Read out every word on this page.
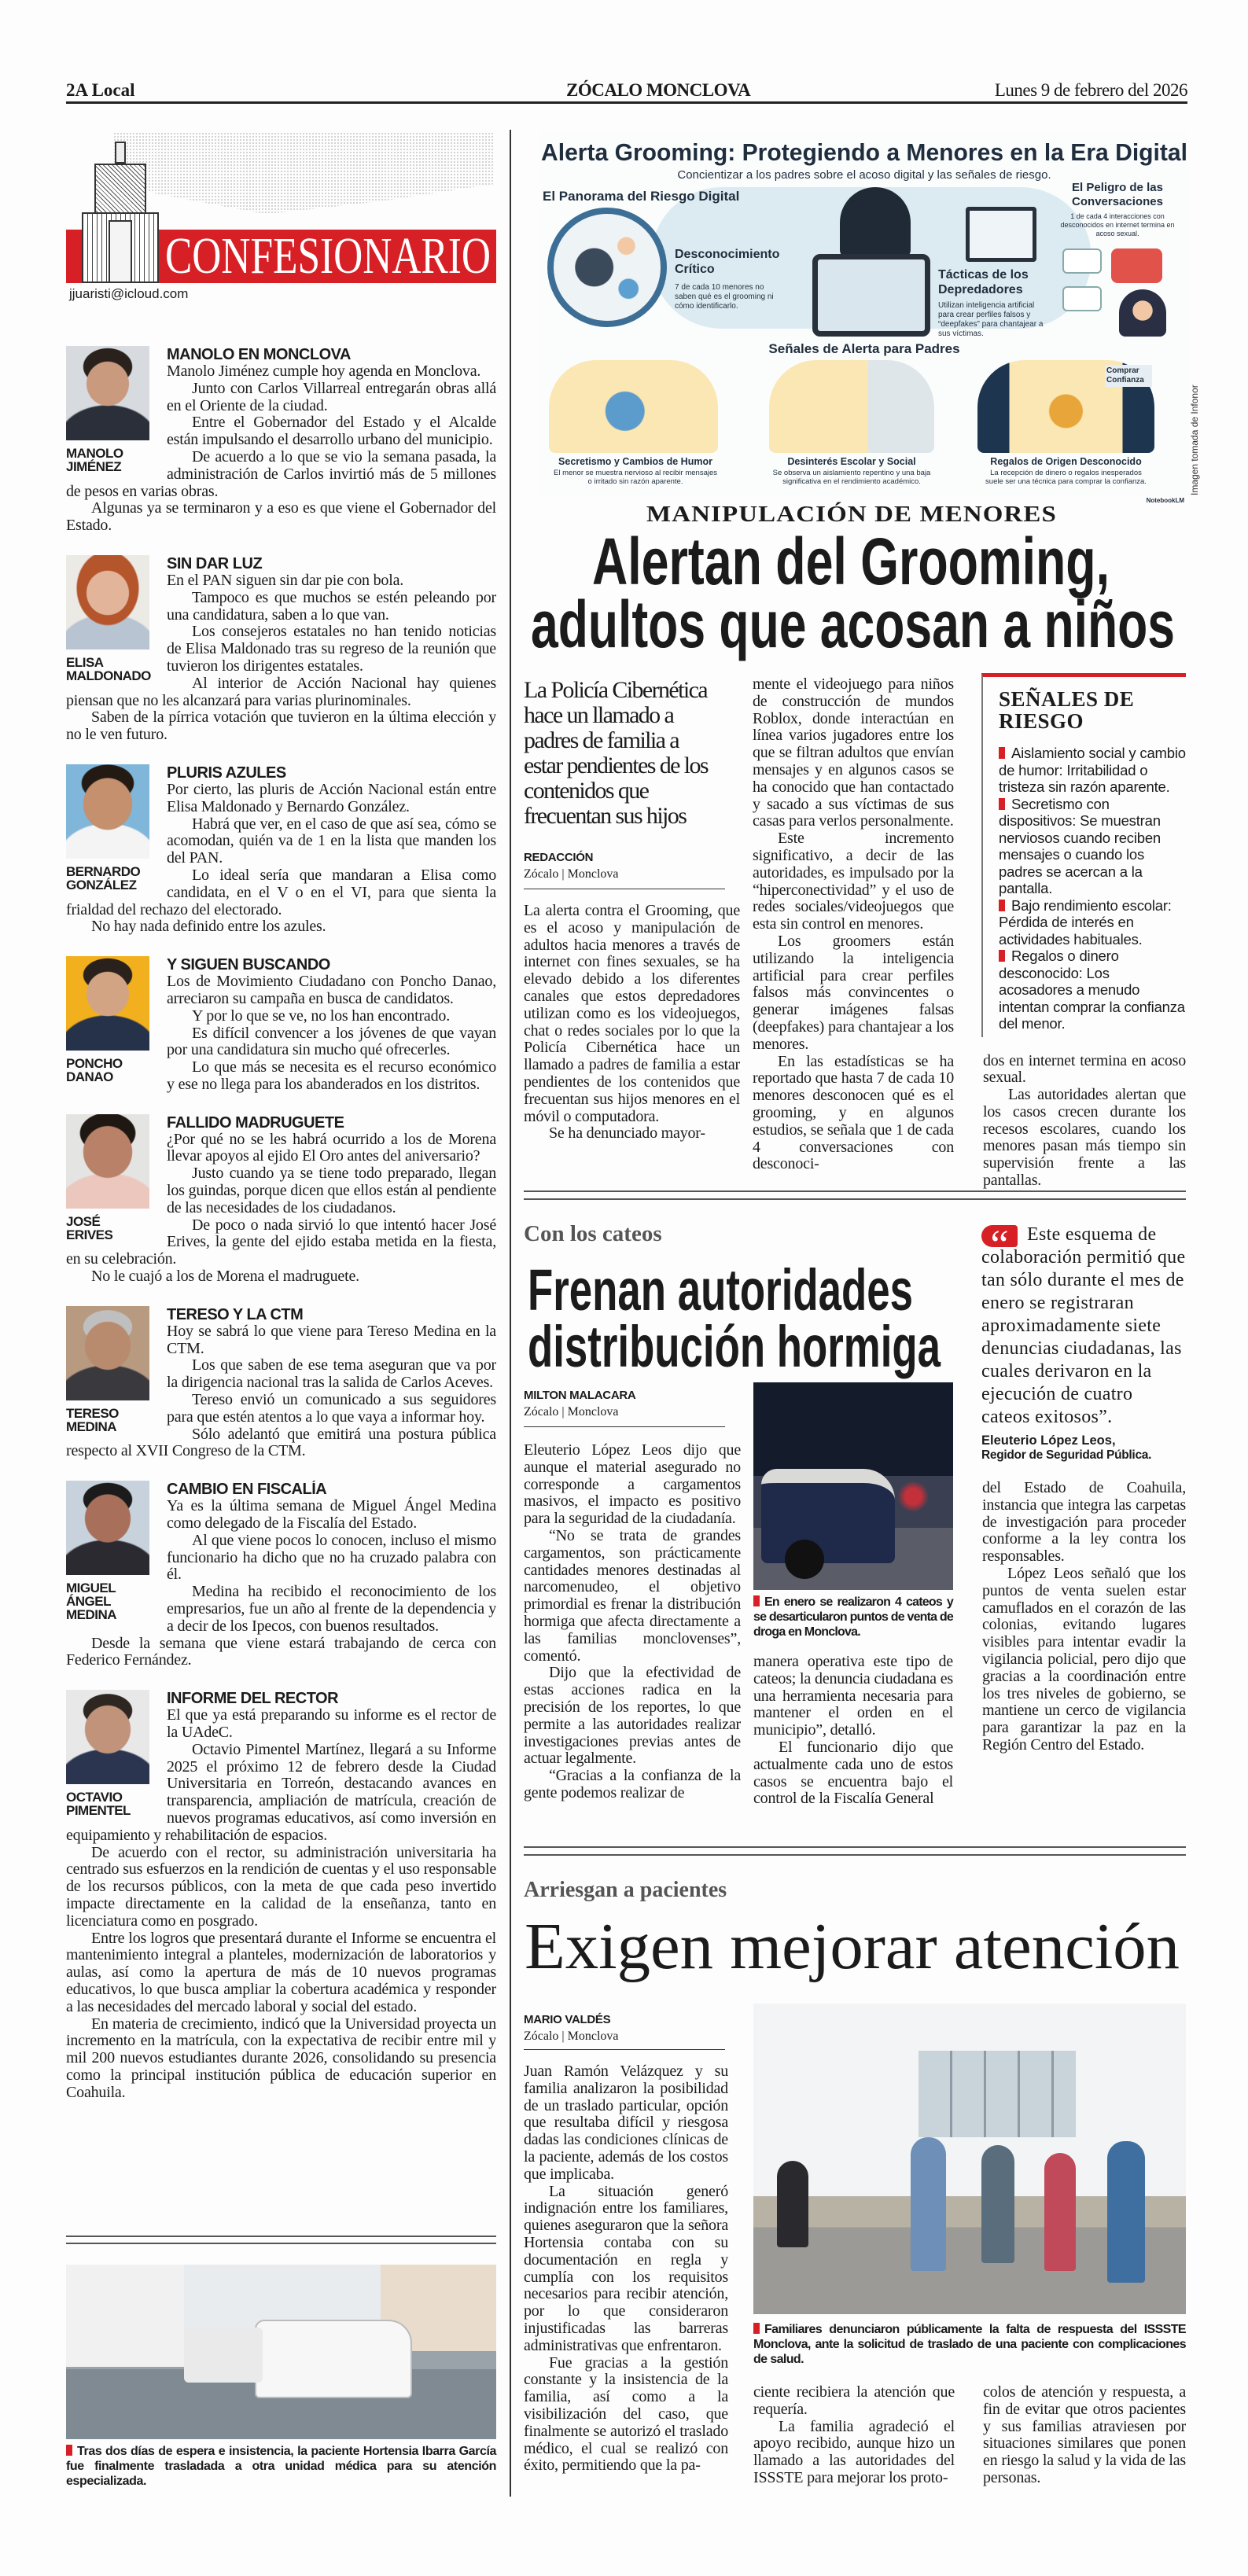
2A Local	ZÓCALO MONCLOVA	Lunes 9 de febrero del 2026
CONFESIONARIO
jjuaristi@icloud.com
MANOLO JIMÉNEZ
MANOLO EN MONCLOVA

Manolo Jiménez cumple hoy agenda en Monclova.

Junto con Carlos Villarreal entregarán obras allá en el Oriente de la ciudad.

Entre el Gobernador del Estado y el Alcalde están impulsando el desarrollo urbano del municipio.

De acuerdo a lo que se vio la semana pasada, la administración de Carlos invirtió más de 5 millones de pesos en varias obras.

Algunas ya se terminaron y a eso es que viene el Gobernador del Estado.

ELISA MALDONADO
SIN DAR LUZ

En el PAN siguen sin dar pie con bola.

Tampoco es que muchos se estén peleando por una candidatura, saben a lo que van.

Los consejeros estatales no han tenido noticias de Elisa Maldonado tras su regreso de la reunión que tuvieron los dirigentes estatales.

Al interior de Acción Nacional hay quienes piensan que no les alcanzará para varias plurinominales.

Saben de la pírrica votación que tuvieron en la última elección y no le ven futuro.

BERNARDO GONZÁLEZ
PLURIS AZULES

Por cierto, las pluris de Acción Nacional están entre Elisa Maldonado y Bernardo González.

Habrá que ver, en el caso de que así sea, cómo se acomodan, quién va de 1 en la lista que manden los del PAN.

Lo ideal sería que mandaran a Elisa como candidata, en el V o en el VI, para que sienta la frialdad del rechazo del electorado.

No hay nada definido entre los azules.

PONCHO DANAO
Y SIGUEN BUSCANDO

Los de Movimiento Ciudadano con Poncho Danao, arreciaron su campaña en busca de candidatos.

Y por lo que se ve, no los han encontrado.

Es difícil convencer a los jóvenes de que vayan por una candidatura sin mucho qué ofrecerles.

Lo que más se necesita es el recurso económico y ese no llega para los abanderados en los distritos.

JOSÉ ERIVES
FALLIDO MADRUGUETE

¿Por qué no se les habrá ocurrido a los de Morena llevar apoyos al ejido El Oro antes del aniversario?

Justo cuando ya se tiene todo preparado, llegan los guindas, porque dicen que ellos están al pendiente de las necesidades de los ciudadanos.

De poco o nada sirvió lo que intentó hacer José Erives, la gente del ejido estaba metida en la fiesta, en su celebración.

No le cuajó a los de Morena el madruguete.

TERESO MEDINA
TERESO Y LA CTM

Hoy se sabrá lo que viene para Tereso Medina en la CTM.

Los que saben de ese tema aseguran que va por la dirigencia nacional tras la salida de Carlos Aceves.

Tereso envió un comunicado a sus seguidores para que estén atentos a lo que vaya a informar hoy.

Sólo adelantó que emitirá una postura pública respecto al XVII Congreso de la CTM.

MIGUEL ÁNGEL MEDINA
CAMBIO EN FISCALÍA

Ya es la última semana de Miguel Ángel Medina como delegado de la Fiscalía del Estado.

Al que viene pocos lo conocen, incluso el mismo funcionario ha dicho que no ha cruzado palabra con él.

Medina ha recibido el reconocimiento de los empresarios, fue un año al frente de la dependencia y a decir de los Ipecos, con buenos resultados.

Desde la semana que viene estará trabajando de cerca con Federico Fernández.

OCTAVIO PIMENTEL
INFORME DEL RECTOR

El que ya está preparando su informe es el rector de la UAdeC.

Octavio Pimentel Martínez, llegará a su Informe 2025 el próximo 12 de febrero desde la Ciudad Universitaria en Torreón, destacando avances en transparencia, ampliación de matrícula, creación de nuevos programas educativos, así como inversión en equipamiento y rehabilitación de espacios.

De acuerdo con el rector, su administración universitaria ha centrado sus esfuerzos en la rendición de cuentas y el uso responsable de los recursos públicos, con la meta de que cada peso invertido impacte directamente en la calidad de la enseñanza, tanto en licenciatura como en posgrado.

Entre los logros que presentará durante el Informe se encuentra el mantenimiento integral a planteles, modernización de laboratorios y aulas, así como la apertura de más de 10 nuevos programas educativos, lo que busca ampliar la cobertura académica y responder a las necesidades del mercado laboral y social del estado.

En materia de crecimiento, indicó que la Universidad proyecta un incremento en la matrícula, con la expectativa de recibir entre mil y mil 200 nuevos estudiantes durante 2026, consolidando su presencia como la principal institución pública de educación superior en Coahuila.

Tras dos días de espera e insistencia, la paciente Hortensia Ibarra García fue finalmente trasladada a otra unidad médica para su atención especializada.
Alerta Grooming: Protegiendo a Menores en la Era Digital
Concientizar a los padres sobre el acoso digital y las señales de riesgo.
El Panorama del Riesgo Digital
Desconocimiento Crítico
7 de cada 10 menores no saben qué es el grooming ni cómo identificarlo.
Tácticas de los Depredadores
Utilizan inteligencia artificial para crear perfiles falsos y “deepfakes” para chantajear a sus víctimas.
El Peligro de las Conversaciones
1 de cada 4 interacciones con desconocidos en internet termina en acoso sexual.
Señales de Alerta para Padres
Comprar Confianza
Secretismo y Cambios de Humor
El menor se muestra nervioso al recibir mensajes o irritado sin razón aparente.
Desinterés Escolar y Social
Se observa un aislamiento repentino y una baja significativa en el rendimiento académico.
Regalos de Origen Desconocido
La recepción de dinero o regalos inesperados suele ser una técnica para comprar la confianza.
NotebookLM
Imagen tomada de Infonor
MANIPULACIÓN DE MENORES
Alertan del Grooming,
adultos que acosan a niños
La Policía Cibernética hace un llamado a padres de familia a estar pendientes de los contenidos que frecuentan sus hijos
REDACCIÓN
Zócalo | Monclova

La alerta contra el Grooming, que es el acoso y manipulación de adultos hacia menores a través de internet con fines sexuales, se ha elevado debido a los diferentes canales que estos depredadores utilizan como es los videojuegos, chat o redes sociales por lo que la Policía Cibernética hace un llamado a padres de familia a estar pendientes de los contenidos que frecuentan sus hijos menores en el móvil o computadora.

Se ha denunciado mayor-

mente el videojuego para niños de construcción de mundos Roblox, donde interactúan en línea varios jugadores entre los que se filtran adultos que envían mensajes y en algunos casos se ha conocido que han contactado y sacado a sus víctimas de sus casas para verlos personalmente.

Este incremento significativo, a decir de las autoridades, es impulsado por la “hiperconectividad” y el uso de redes sociales/videojuegos que esta sin control en menores.

Los groomers están utilizando la inteligencia artificial para crear perfiles falsos más convincentes o generar imágenes falsas (deepfakes) para chantajear a los menores.

En las estadísticas se ha reportado que hasta 7 de cada 10 menores desconocen qué es el grooming, y en algunos estudios, se señala que 1 de cada 4 conversaciones con desconoci-

SEÑALES DE RIESGO
Aislamiento social y cambio de humor: Irritabilidad o tristeza sin razón aparente.
Secretismo con dispositivos: Se muestran nerviosos cuando reciben mensajes o cuando los padres se acercan a la pantalla.
Bajo rendimiento escolar: Pérdida de interés en actividades habituales.
Regalos o dinero desconocido: Los acosadores a menudo intentan comprar la confianza del menor.

dos en internet termina en acoso sexual.

Las autoridades alertan que los casos crecen durante los recesos escolares, cuando los menores pasan más tiempo sin supervisión frente a las pantallas.

Con los cateos
Frenan autoridades
distribución hormiga
MILTON MALACARA
Zócalo | Monclova

Eleuterio López Leos dijo que aunque el material asegurado no corresponde a cargamentos masivos, el impacto es positivo para la seguridad de la ciudadanía.

“No se trata de grandes cargamentos, son prácticamente cantidades menores destinadas al narcomenudeo, el objetivo primordial es frenar la distribución hormiga que afecta directamente a las familias monclovenses”, comentó.

Dijo que la efectividad de estas acciones radica en la precisión de los reportes, lo que permite a las autoridades realizar investigaciones previas antes de actuar legalmente.

“Gracias a la confianza de la gente podemos realizar de

En enero se realizaron 4 cateos y se desarticularon puntos de venta de droga en Monclova.

manera operativa este tipo de cateos; la denuncia ciudadana es una herramienta necesaria para mantener el orden en el municipio”, detalló.

El funcionario dijo que actualmente cada uno de estos casos se encuentra bajo el control de la Fiscalía General

Este esquema de colaboración permitió que tan sólo durante el mes de enero se registraran aproximadamente siete denuncias ciudadanas, las cuales derivaron en la ejecución de cuatro cateos exitosos”.
Eleuterio López Leos,
Regidor de Seguridad Pública.

del Estado de Coahuila, instancia que integra las carpetas de investigación para proceder conforme a la ley contra los responsables.

López Leos señaló que los puntos de venta suelen estar camuflados en el corazón de las colonias, evitando lugares visibles para intentar evadir la vigilancia policial, pero dijo que gracias a la coordinación entre los tres niveles de gobierno, se mantiene un cerco de vigilancia para garantizar la paz en la Región Centro del Estado.

Arriesgan a pacientes
Exigen mejorar atención
MARIO VALDÉS
Zócalo | Monclova

Juan Ramón Velázquez y su familia analizaron la posibilidad de un traslado particular, opción que resultaba difícil y riesgosa dadas las condiciones clínicas de la paciente, además de los costos que implicaba.

La situación generó indignación entre los familiares, quienes aseguraron que la señora Hortensia contaba con su documentación en regla y cumplía con los requisitos necesarios para recibir atención, por lo que consideraron injustificadas las barreras administrativas que enfrentaron.

Fue gracias a la gestión constante y la insistencia de la familia, así como a la visibilización del caso, que finalmente se autorizó el traslado médico, el cual se realizó con éxito, permitiendo que la pa-

Familiares denunciaron públicamente la falta de respuesta del ISSSTE Monclova, ante la solicitud de traslado de una paciente con complicaciones de salud.

ciente recibiera la atención que requería.

La familia agradeció el apoyo recibido, aunque hizo un llamado a las autoridades del ISSSTE para mejorar los proto-

colos de atención y respuesta, a fin de evitar que otros pacientes y sus familias atraviesen por situaciones similares que ponen en riesgo la salud y la vida de las personas.
